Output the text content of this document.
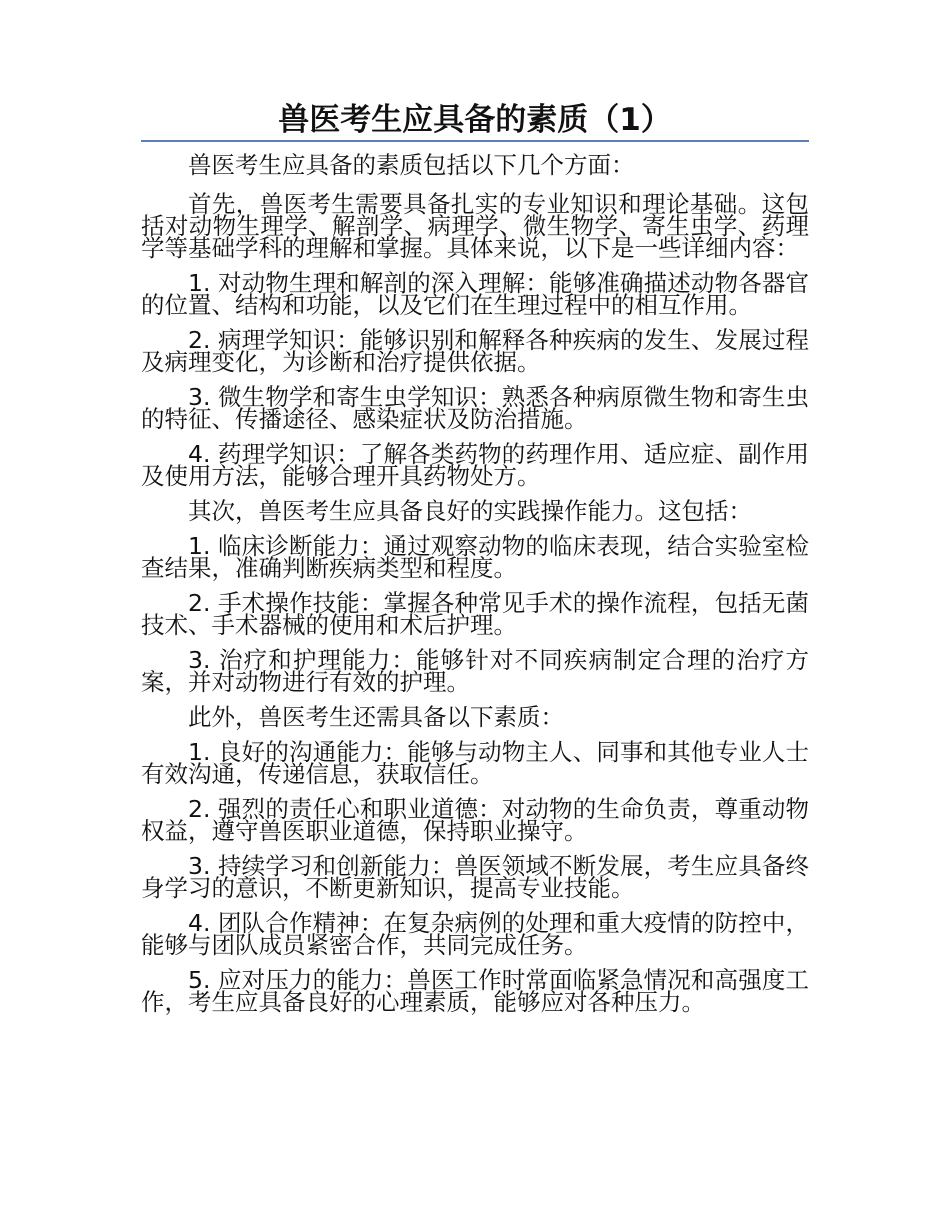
兽医考生应具备的素质（1）

兽医考生应具备的素质包括以下几个方面：

首先，兽医考生需要具备扎实的专业知识和理论基础。这包括对动物生理学、解剖学、病理学、微生物学、寄生虫学、药理学等基础学科的理解和掌握。具体来说，以下是一些详细内容：

1. 对动物生理和解剖的深入理解：能够准确描述动物各器官的位置、结构和功能，以及它们在生理过程中的相互作用。

2. 病理学知识：能够识别和解释各种疾病的发生、发展过程及病理变化，为诊断和治疗提供依据。

3. 微生物学和寄生虫学知识：熟悉各种病原微生物和寄生虫的特征、传播途径、感染症状及防治措施。

4. 药理学知识：了解各类药物的药理作用、适应症、副作用及使用方法，能够合理开具药物处方。

其次，兽医考生应具备良好的实践操作能力。这包括：

1. 临床诊断能力：通过观察动物的临床表现，结合实验室检查结果，准确判断疾病类型和程度。

2. 手术操作技能：掌握各种常见手术的操作流程，包括无菌技术、手术器械的使用和术后护理。

3. 治疗和护理能力：能够针对不同疾病制定合理的治疗方案，并对动物进行有效的护理。

此外，兽医考生还需具备以下素质：

1. 良好的沟通能力：能够与动物主人、同事和其他专业人士有效沟通，传递信息，获取信任。

2. 强烈的责任心和职业道德：对动物的生命负责，尊重动物权益，遵守兽医职业道德，保持职业操守。

3. 持续学习和创新能力：兽医领域不断发展，考生应具备终身学习的意识，不断更新知识，提高专业技能。

4. 团队合作精神：在复杂病例的处理和重大疫情的防控中，能够与团队成员紧密合作，共同完成任务。

5. 应对压力的能力：兽医工作时常面临紧急情况和高强度工作，考生应具备良好的心理素质，能够应对各种压力。
